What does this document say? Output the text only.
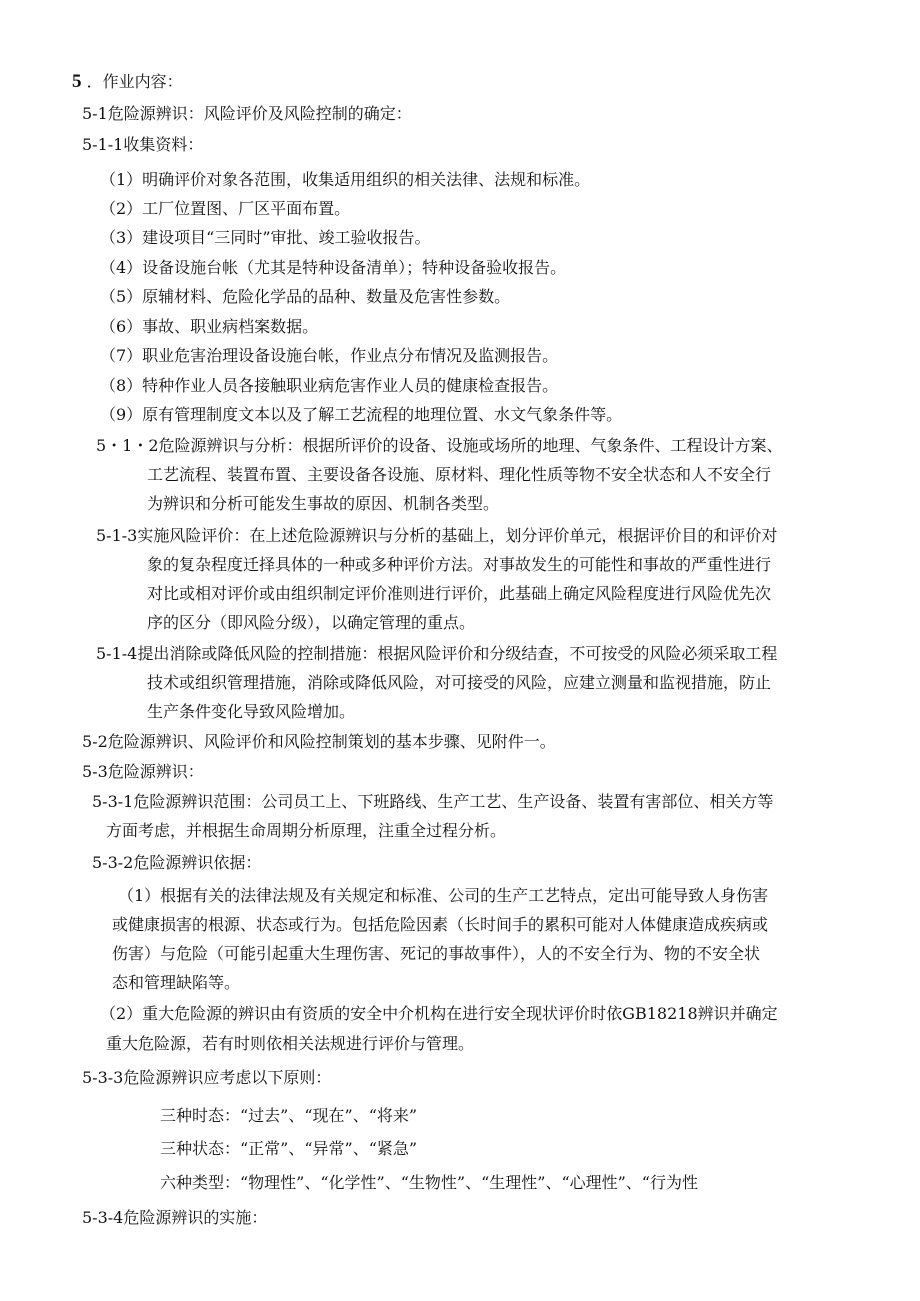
5 ．作业内容：
5-1危险源辨识：风险评价及风险控制的确定：
5-1-1收集资料：
（1）明确评价对象各范围，收集适用组织的相关法律、法规和标准。
（2）工厂位置图、厂区平面布置。
（3）建设项目“三同时”审批、竣工验收报告。
（4）设备设施台帐（尤其是特种设备清单）；特种设备验收报告。
（5）原辅材料、危险化学品的品种、数量及危害性参数。
（6）事故、职业病档案数据。
（7）职业危害治理设备设施台帐，作业点分布情况及监测报告。
（8）特种作业人员各接触职业病危害作业人员的健康检查报告。
（9）原有管理制度文本以及了解工艺流程的地理位置、水文气象条件等。
5・1・2危险源辨识与分析：根据所评价的设备、设施或场所的地理、气象条件、工程设计方案、
工艺流程、装置布置、主要设备各设施、原材料、理化性质等物不安全状态和人不安全行
为辨识和分析可能发生事故的原因、机制各类型。
5-1-3实施风险评价：在上述危险源辨识与分析的基础上，划分评价单元，根据评价目的和评价对
象的复杂程度迁择具体的一种或多种评价方法。对事故发生的可能性和事故的严重性进行
对比或相对评价或由组织制定评价准则进行评价，此基础上确定风险程度进行风险优先次
序的区分（即风险分级），以确定管理的重点。
5-1-4提出消除或降低风险的控制措施：根据风险评价和分级结查，不可按受的风险必须采取工程
技术或组织管理措施，消除或降低风险，对可接受的风险，应建立测量和监视措施，防止
生产条件变化导致风险增加。
5-2危险源辨识、风险评价和风险控制策划的基本步骤、见附件一。
5-3危险源辨识：
5-3-1危险源辨识范围：公司员工上、下班路线、生产工艺、生产设备、装置有害部位、相关方等
方面考虑，并根据生命周期分析原理，注重全过程分析。
5-3-2危险源辨识依据：
（1）根据有关的法律法规及有关规定和标准、公司的生产工艺特点，定出可能导致人身伤害
或健康损害的根源、状态或行为。包括危险因素（长时间手的累积可能对人体健康造成疾病或
伤害）与危险（可能引起重大生理伤害、死记的事故事件），人的不安全行为、物的不安全状
态和管理缺陷等。
（2）重大危险源的辨识由有资质的安全中介机构在进行安全现状评价时依GB18218辨识并确定
重大危险源，若有时则依相关法规进行评价与管理。
5-3-3危险源辨识应考虑以下原则：
三种时态：“过去”、“现在”、“将来”
三种状态：“正常”、“异常”、“紧急”
六种类型：“物理性”、“化学性”、“生物性”、“生理性”、“心理性”、“行为性
5-3-4危险源辨识的实施：
